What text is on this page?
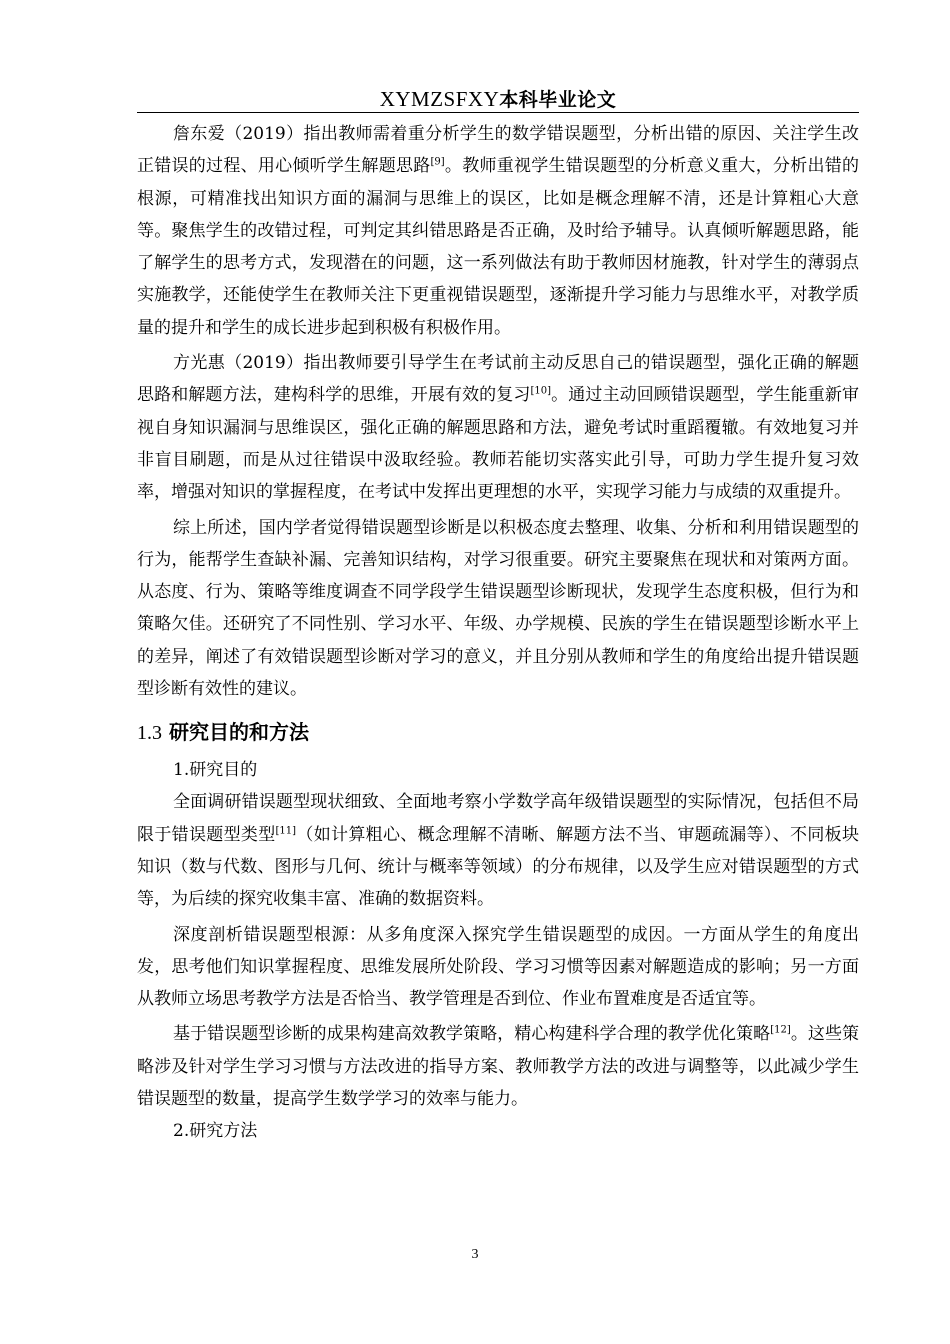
XYMZSFXY本科毕业论文

詹东爱（2019）指出教师需着重分析学生的数学错误题型，分析出错的原因、关注学生改正错误的过程、用心倾听学生解题思路[9]。教师重视学生错误题型的分析意义重大，分析出错的根源，可精准找出知识方面的漏洞与思维上的误区，比如是概念理解不清，还是计算粗心大意等。聚焦学生的改错过程，可判定其纠错思路是否正确，及时给予辅导。认真倾听解题思路，能了解学生的思考方式，发现潜在的问题，这一系列做法有助于教师因材施教，针对学生的薄弱点实施教学，还能使学生在教师关注下更重视错误题型，逐渐提升学习能力与思维水平，对教学质量的提升和学生的成长进步起到积极有积极作用。

方光惠（2019）指出教师要引导学生在考试前主动反思自己的错误题型，强化正确的解题思路和解题方法，建构科学的思维，开展有效的复习[10]。通过主动回顾错误题型，学生能重新审视自身知识漏洞与思维误区，强化正确的解题思路和方法，避免考试时重蹈覆辙。有效地复习并非盲目刷题，而是从过往错误中汲取经验。教师若能切实落实此引导，可助力学生提升复习效率，增强对知识的掌握程度，在考试中发挥出更理想的水平，实现学习能力与成绩的双重提升。

综上所述，国内学者觉得错误题型诊断是以积极态度去整理、收集、分析和利用错误题型的行为，能帮学生查缺补漏、完善知识结构，对学习很重要。研究主要聚焦在现状和对策两方面。从态度、行为、策略等维度调查不同学段学生错误题型诊断现状，发现学生态度积极，但行为和策略欠佳。还研究了不同性别、学习水平、年级、办学规模、民族的学生在错误题型诊断水平上的差异，阐述了有效错误题型诊断对学习的意义，并且分别从教师和学生的角度给出提升错误题型诊断有效性的建议。

1.3 研究目的和方法

1.研究目的

全面调研错误题型现状细致、全面地考察小学数学高年级错误题型的实际情况，包括但不局限于错误题型类型[11]（如计算粗心、概念理解不清晰、解题方法不当、审题疏漏等）、不同板块知识（数与代数、图形与几何、统计与概率等领域）的分布规律，以及学生应对错误题型的方式等，为后续的探究收集丰富、准确的数据资料。

深度剖析错误题型根源：从多角度深入探究学生错误题型的成因。一方面从学生的角度出发，思考他们知识掌握程度、思维发展所处阶段、学习习惯等因素对解题造成的影响；另一方面从教师立场思考教学方法是否恰当、教学管理是否到位、作业布置难度是否适宜等。

基于错误题型诊断的成果构建高效教学策略，精心构建科学合理的教学优化策略[12]。这些策略涉及针对学生学习习惯与方法改进的指导方案、教师教学方法的改进与调整等，以此减少学生错误题型的数量，提高学生数学学习的效率与能力。

2.研究方法

3
